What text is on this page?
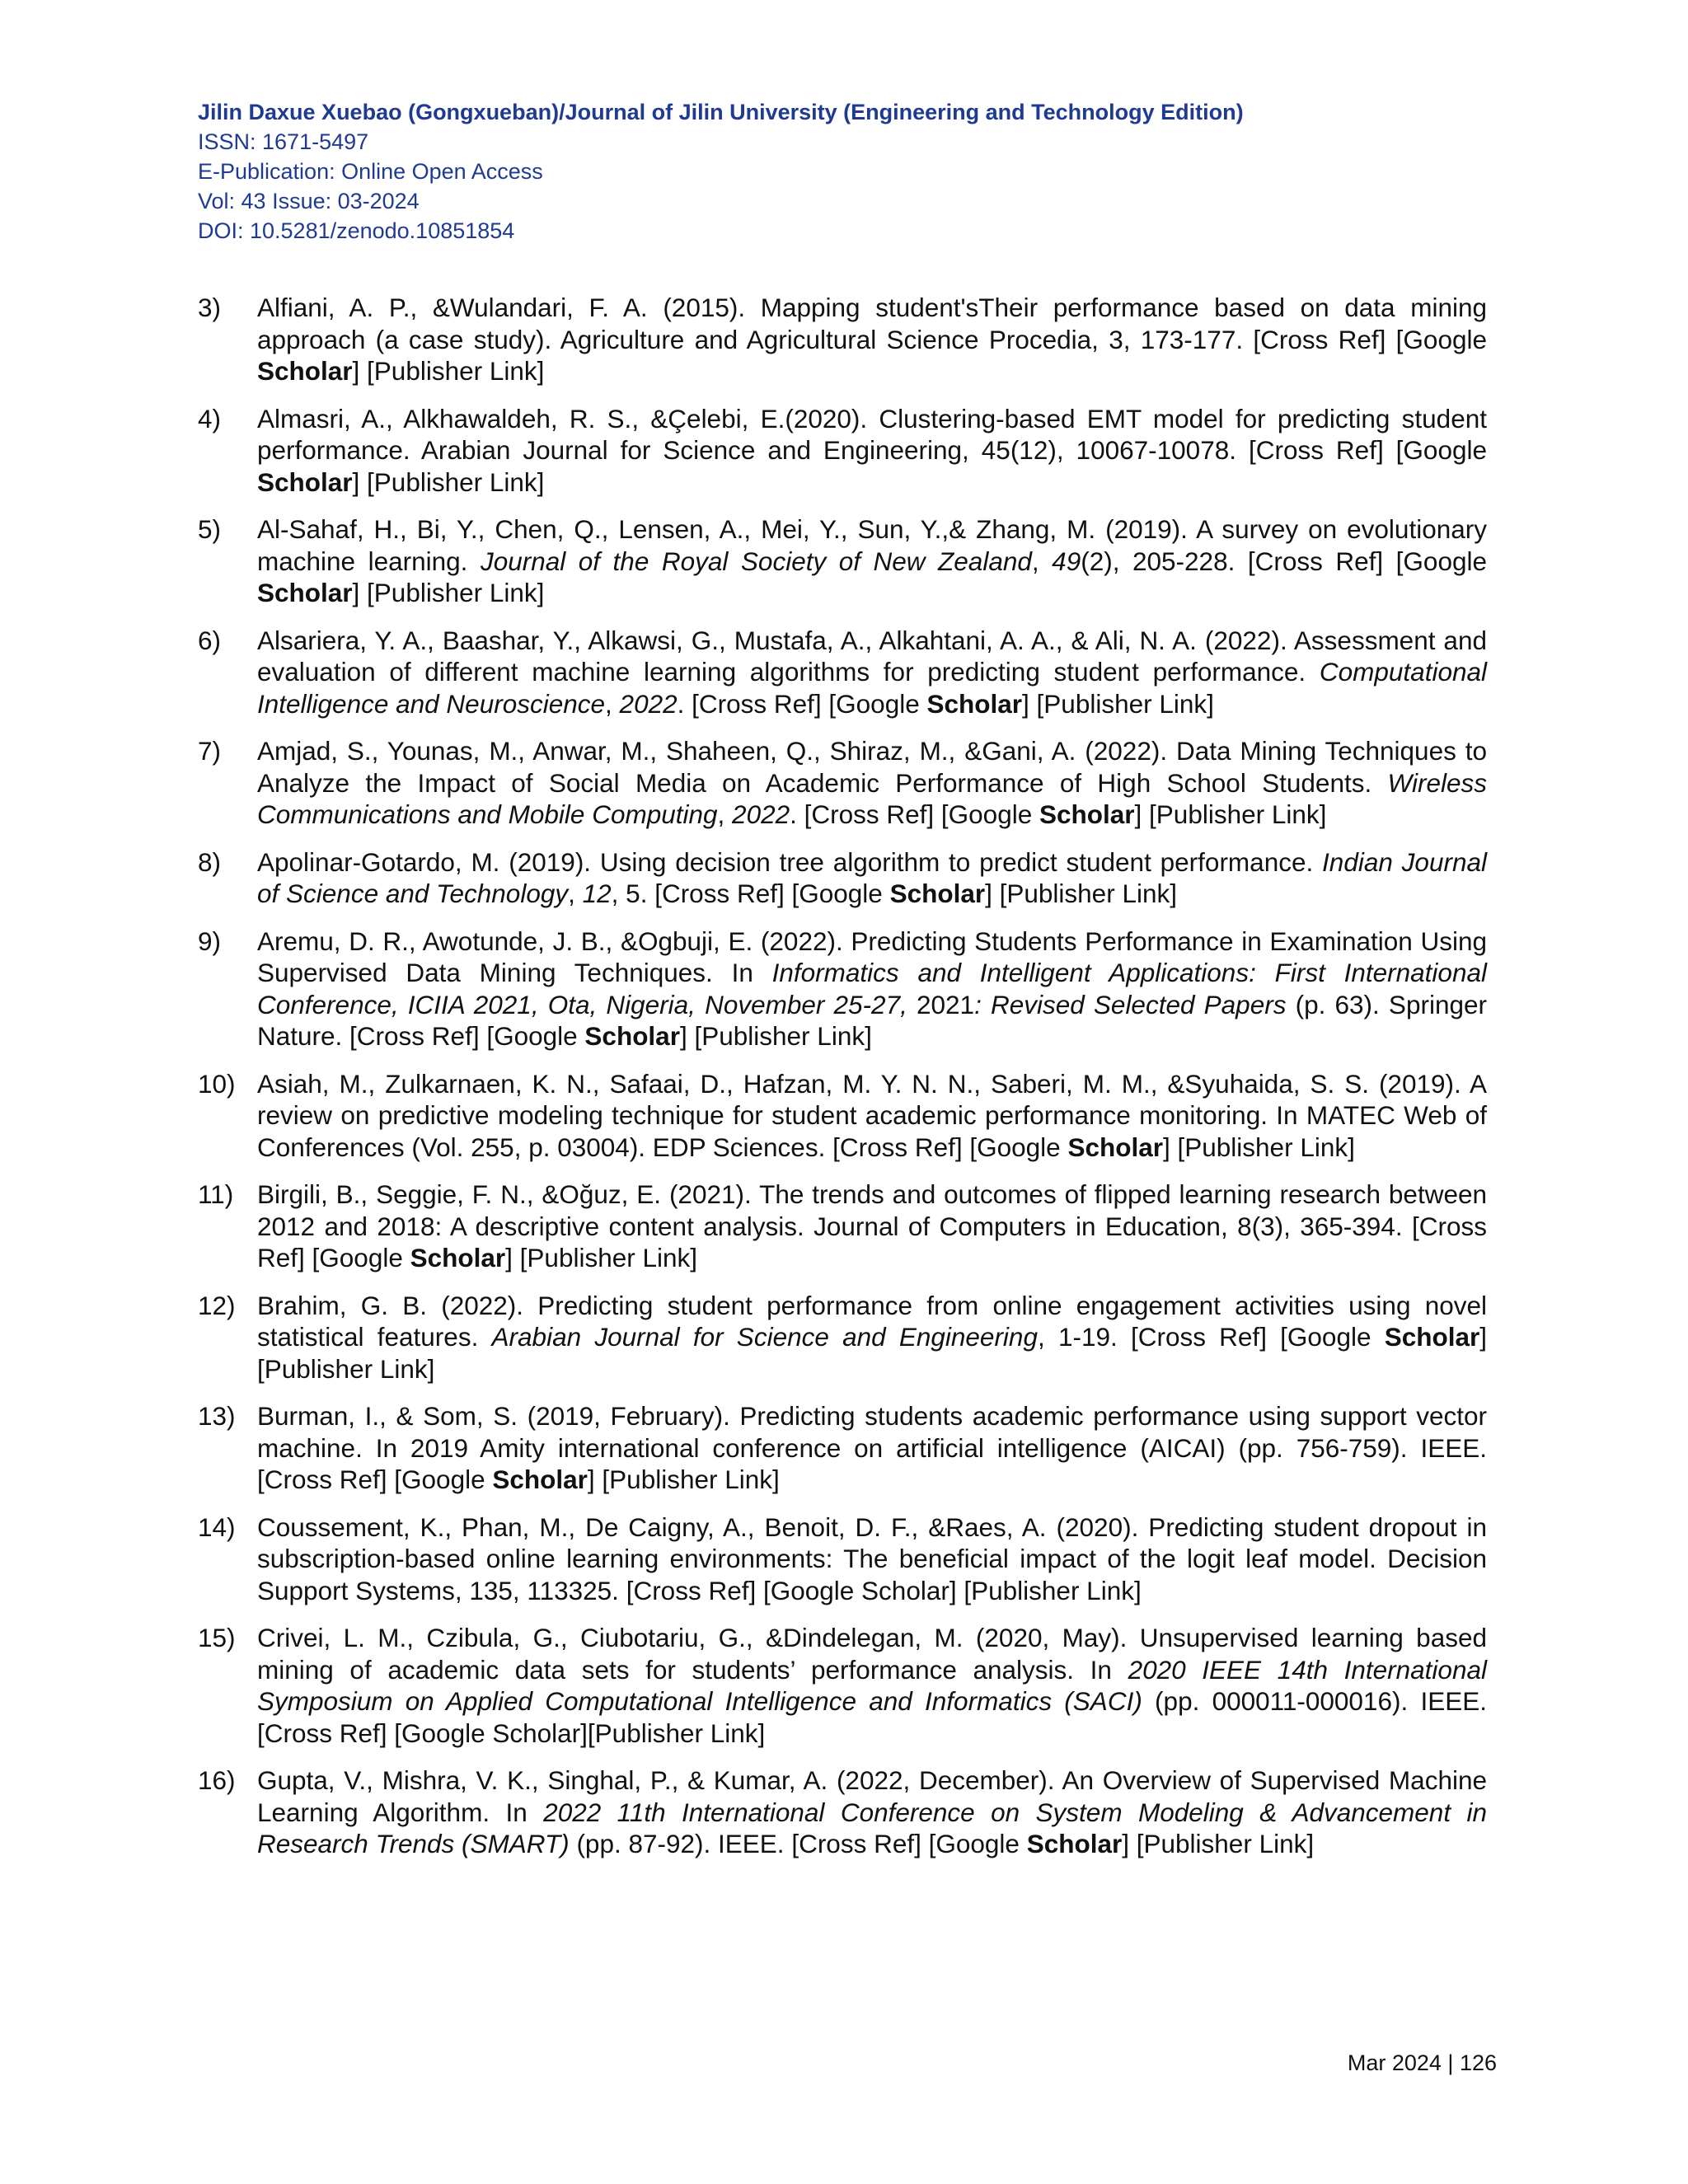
Jilin Daxue Xuebao (Gongxueban)/Journal of Jilin University (Engineering and Technology Edition)
ISSN: 1671-5497
E-Publication: Online Open Access
Vol: 43 Issue: 03-2024
DOI: 10.5281/zenodo.10851854
3)	Alfiani, A. P., &Wulandari, F. A. (2015). Mapping student'sTheir performance based on data mining approach (a case study). Agriculture and Agricultural Science Procedia, 3, 173-177. [Cross Ref] [Google Scholar] [Publisher Link]
4)	Almasri, A., Alkhawaldeh, R. S., &Çelebi, E.(2020). Clustering-based EMT model for predicting student performance. Arabian Journal for Science and Engineering, 45(12), 10067-10078. [Cross Ref] [Google Scholar] [Publisher Link]
5)	Al-Sahaf, H., Bi, Y., Chen, Q., Lensen, A., Mei, Y., Sun, Y.,& Zhang, M. (2019). A survey on evolutionary machine learning. Journal of the Royal Society of New Zealand, 49(2), 205-228. [Cross Ref] [Google Scholar] [Publisher Link]
6)	Alsariera, Y. A., Baashar, Y., Alkawsi, G., Mustafa, A., Alkahtani, A. A., & Ali, N. A. (2022). Assessment and evaluation of different machine learning algorithms for predicting student performance. Computational Intelligence and Neuroscience, 2022. [Cross Ref] [Google Scholar] [Publisher Link]
7)	Amjad, S., Younas, M., Anwar, M., Shaheen, Q., Shiraz, M., &Gani, A. (2022). Data Mining Techniques to Analyze the Impact of Social Media on Academic Performance of High School Students. Wireless Communications and Mobile Computing, 2022. [Cross Ref] [Google Scholar] [Publisher Link]
8)	Apolinar-Gotardo, M. (2019). Using decision tree algorithm to predict student performance. Indian Journal of Science and Technology, 12, 5. [Cross Ref] [Google Scholar] [Publisher Link]
9)	Aremu, D. R., Awotunde, J. B., &Ogbuji, E. (2022). Predicting Students Performance in Examination Using Supervised Data Mining Techniques. In Informatics and Intelligent Applications: First International Conference, ICIIA 2021, Ota, Nigeria, November 25-27, 2021: Revised Selected Papers (p. 63). Springer Nature. [Cross Ref] [Google Scholar] [Publisher Link]
10) Asiah, M., Zulkarnaen, K. N., Safaai, D., Hafzan, M. Y. N. N., Saberi, M. M., &Syuhaida, S. S. (2019). A review on predictive modeling technique for student academic performance monitoring. In MATEC Web of Conferences (Vol. 255, p. 03004). EDP Sciences. [Cross Ref] [Google Scholar] [Publisher Link]
11) Birgili, B., Seggie, F. N., &Oğuz, E. (2021). The trends and outcomes of flipped learning research between 2012 and 2018: A descriptive content analysis. Journal of Computers in Education, 8(3), 365-394. [Cross Ref] [Google Scholar] [Publisher Link]
12) Brahim, G. B. (2022). Predicting student performance from online engagement activities using novel statistical features. Arabian Journal for Science and Engineering, 1-19. [Cross Ref] [Google Scholar] [Publisher Link]
13) Burman, I., & Som, S. (2019, February). Predicting students academic performance using support vector machine. In 2019 Amity international conference on artificial intelligence (AICAI) (pp. 756-759). IEEE. [Cross Ref] [Google Scholar] [Publisher Link]
14) Coussement, K., Phan, M., De Caigny, A., Benoit, D. F., &Raes, A. (2020). Predicting student dropout in subscription-based online learning environments: The beneficial impact of the logit leaf model. Decision Support Systems, 135, 113325. [Cross Ref] [Google Scholar] [Publisher Link]
15) Crivei, L. M., Czibula, G., Ciubotariu, G., &Dindelegan, M. (2020, May). Unsupervised learning based mining of academic data sets for students’ performance analysis. In 2020 IEEE 14th International Symposium on Applied Computational Intelligence and Informatics (SACI) (pp. 000011-000016). IEEE. [Cross Ref] [Google Scholar][Publisher Link]
16) Gupta, V., Mishra, V. K., Singhal, P., & Kumar, A. (2022, December). An Overview of Supervised Machine Learning Algorithm. In 2022 11th International Conference on System Modeling & Advancement in Research Trends (SMART) (pp. 87-92). IEEE. [Cross Ref] [Google Scholar] [Publisher Link]
Mar 2024 | 126
